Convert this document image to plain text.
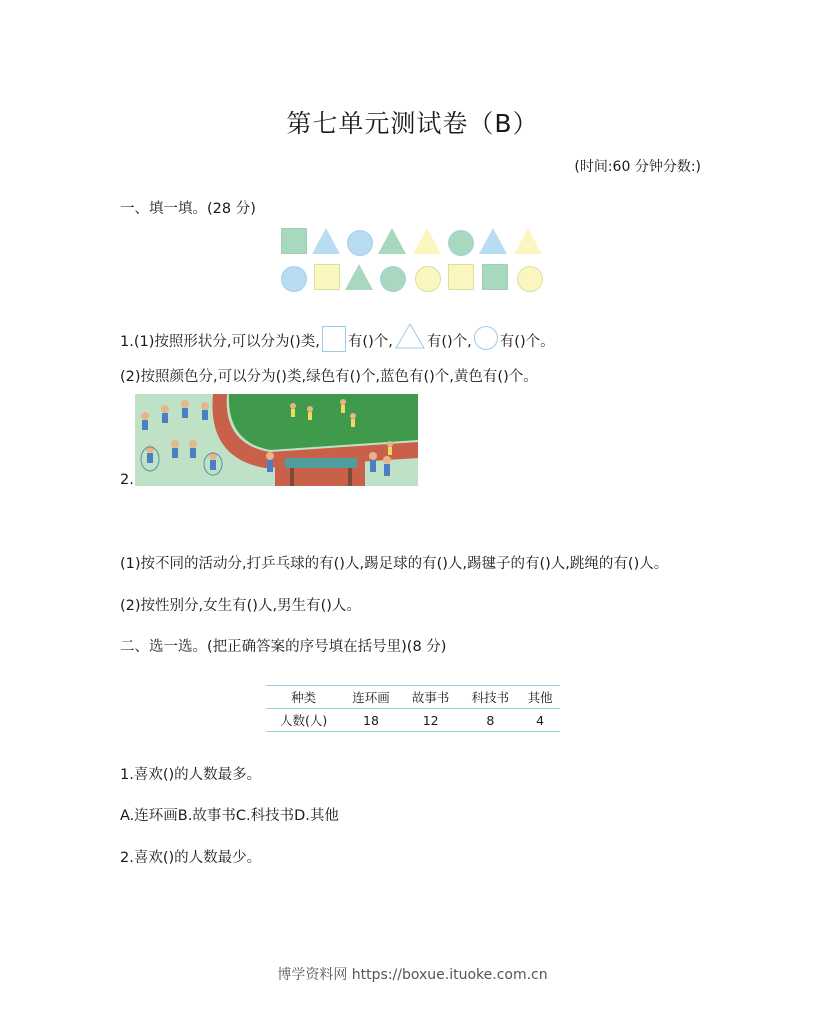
第七单元测试卷（B）
(时间:60 分钟分数:)
一、填一填。(28 分)
1.(1)按照形状分,可以分为()类, 有()个, 有()个, 有()个。
(2)按照颜色分,可以分为()类,绿色有()个,蓝色有()个,黄色有()个。
2.
(1)按不同的活动分,打乒乓球的有()人,踢足球的有()人,踢毽子的有()人,跳绳的有()人。
(2)按性别分,女生有()人,男生有()人。
二、选一选。(把正确答案的序号填在括号里)(8 分)
种类	连环画	故事书	科技书	其他
人数(人)	18	12	8	4
1.喜欢()的人数最多。
A.连环画B.故事书C.科技书D.其他
2.喜欢()的人数最少。
博学资料网 https://boxue.ituoke.com.cn
